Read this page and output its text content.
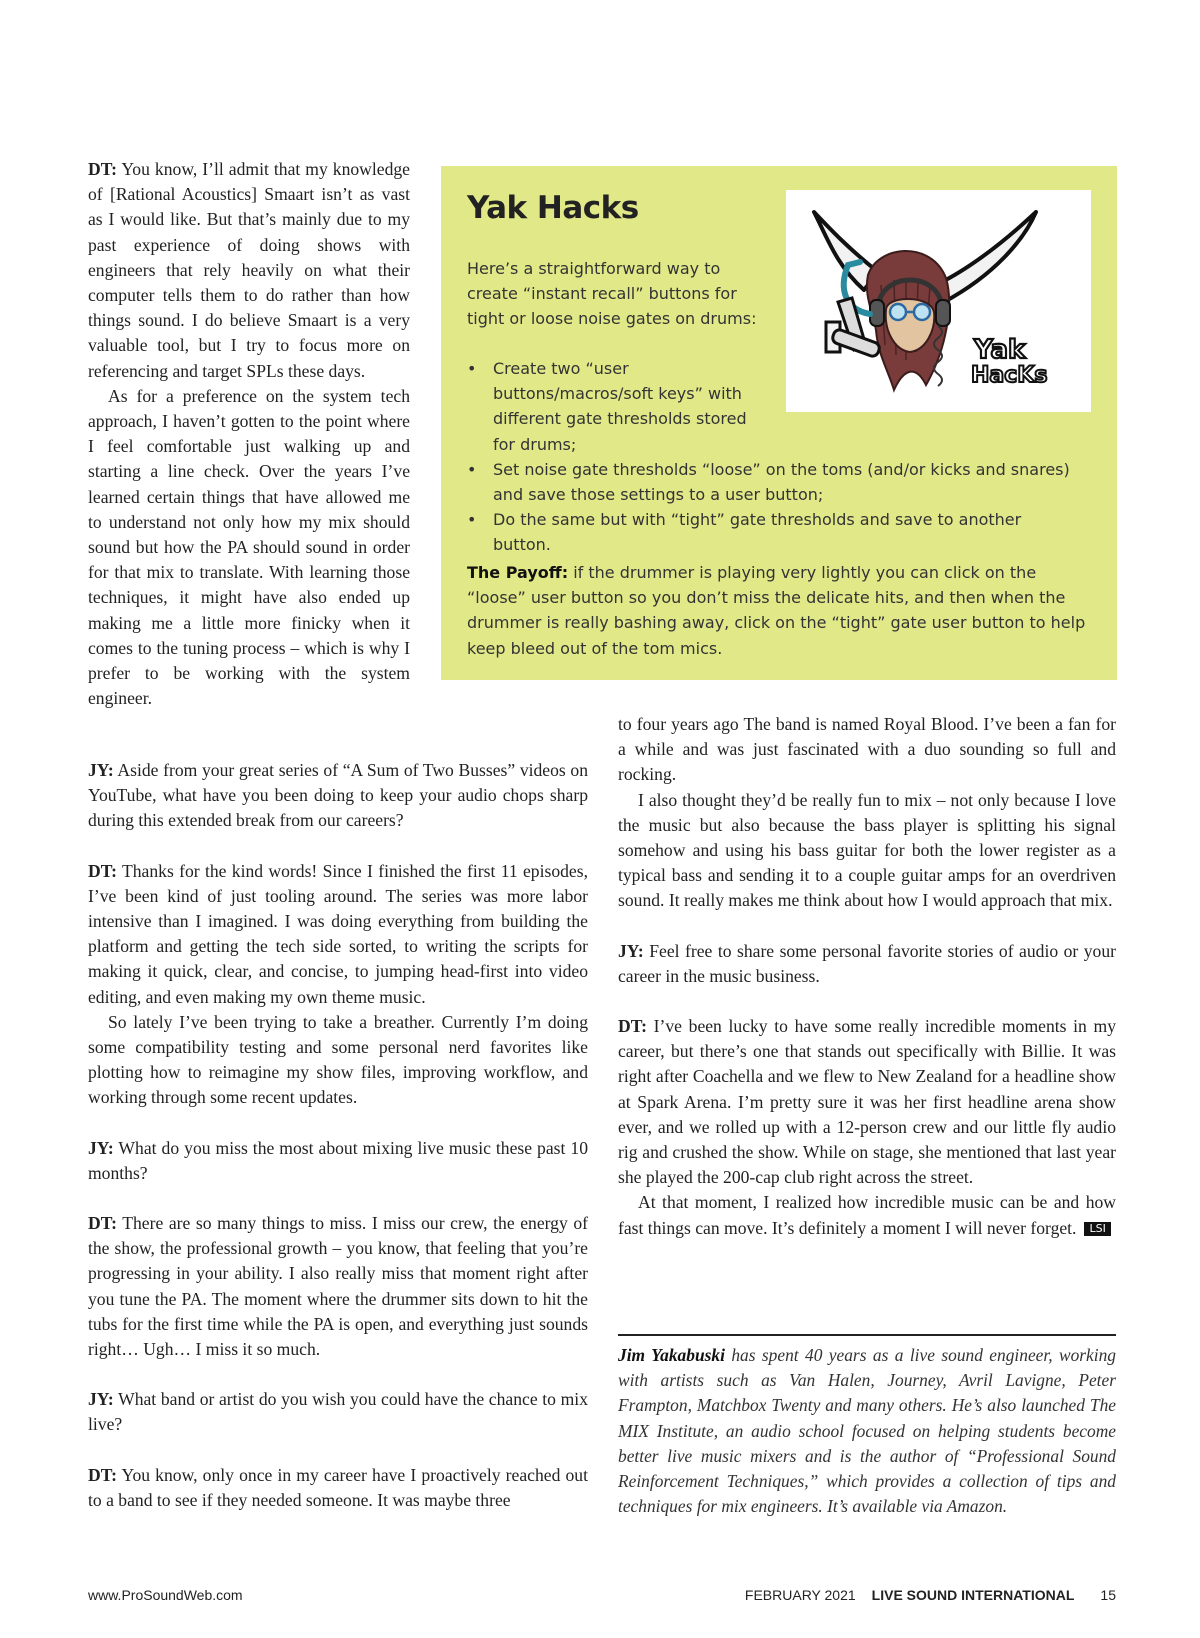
DT: You know, I’ll admit that my knowledge of [Rational Acoustics] Smaart isn’t as vast as I would like. But that’s mainly due to my past experience of doing shows with engineers that rely heavily on what their computer tells them to do rather than how things sound. I do believe Smaart is a very valuable tool, but I try to focus more on referencing and target SPLs these days.

As for a preference on the system tech approach, I haven’t gotten to the point where I feel comfortable just walking up and starting a line check. Over the years I’ve learned certain things that have allowed me to understand not only how my mix should sound but how the PA should sound in order for that mix to translate. With learning those techniques, it might have also ended up making me a little more finicky when it comes to the tuning process – which is why I prefer to be working with the system engineer.

JY: Aside from your great series of “A Sum of Two Busses” videos on YouTube, what have you been doing to keep your audio chops sharp during this extended break from our careers?

DT: Thanks for the kind words! Since I finished the first 11 episodes, I’ve been kind of just tooling around. The series was more labor intensive than I imagined. I was doing everything from building the platform and getting the tech side sorted, to writing the scripts for making it quick, clear, and concise, to jumping head-first into video editing, and even making my own theme music.

So lately I’ve been trying to take a breather. Currently I’m doing some compatibility testing and some personal nerd favorites like plotting how to reimagine my show files, improving workflow, and working through some recent updates.

JY: What do you miss the most about mixing live music these past 10 months?

DT: There are so many things to miss. I miss our crew, the energy of the show, the professional growth – you know, that feeling that you’re progressing in your ability. I also really miss that moment right after you tune the PA. The moment where the drummer sits down to hit the tubs for the first time while the PA is open, and everything just sounds right… Ugh… I miss it so much.

JY: What band or artist do you wish you could have the chance to mix live?

DT: You know, only once in my career have I proactively reached out to a band to see if they needed someone. It was maybe three

to four years ago The band is named Royal Blood. I’ve been a fan for a while and was just fascinated with a duo sounding so full and rocking.

I also thought they’d be really fun to mix – not only because I love the music but also because the bass player is splitting his signal somehow and using his bass guitar for both the lower register as a typical bass and sending it to a couple guitar amps for an overdriven sound. It really makes me think about how I would approach that mix.

JY: Feel free to share some personal favorite stories of audio or your career in the music business.

DT: I’ve been lucky to have some really incredible moments in my career, but there’s one that stands out specifically with Billie. It was right after Coachella and we flew to New Zealand for a headline show at Spark Arena. I’m pretty sure it was her first headline arena show ever, and we rolled up with a 12-person crew and our little fly audio rig and crushed the show. While on stage, she mentioned that last year she played the 200-cap club right across the street.

At that moment, I realized how incredible music can be and how fast things can move. It’s definitely a moment I will never forget. LSI

Yak Hacks
Here’s a straightforward way to create “instant recall” buttons for tight or loose noise gates on drums:
• Create two “user buttons/macros/soft keys” with different gate thresholds stored for drums;
• Set noise gate thresholds “loose” on the toms (and/or kicks and snares) and save those settings to a user button;
• Do the same but with “tight” gate thresholds and save to another button.
The Payoff: if the drummer is playing very lightly you can click on the “loose” user button so you don’t miss the delicate hits, and then when the drummer is really bashing away, click on the “tight” gate user button to help keep bleed out of the tom mics.
Yak
HacKs
Jim Yakabuski has spent 40 years as a live sound engineer, working with artists such as Van Halen, Journey, Avril Lavigne, Peter Frampton, Matchbox Twenty and many others. He’s also launched The MIX Institute, an audio school focused on helping students become better live music mixers and is the author of “Professional Sound Reinforcement Techniques,” which provides a collection of tips and techniques for mix engineers. It’s available via Amazon.
www.ProSoundWeb.com	FEBRUARY 2021 LIVE SOUND INTERNATIONAL 15
